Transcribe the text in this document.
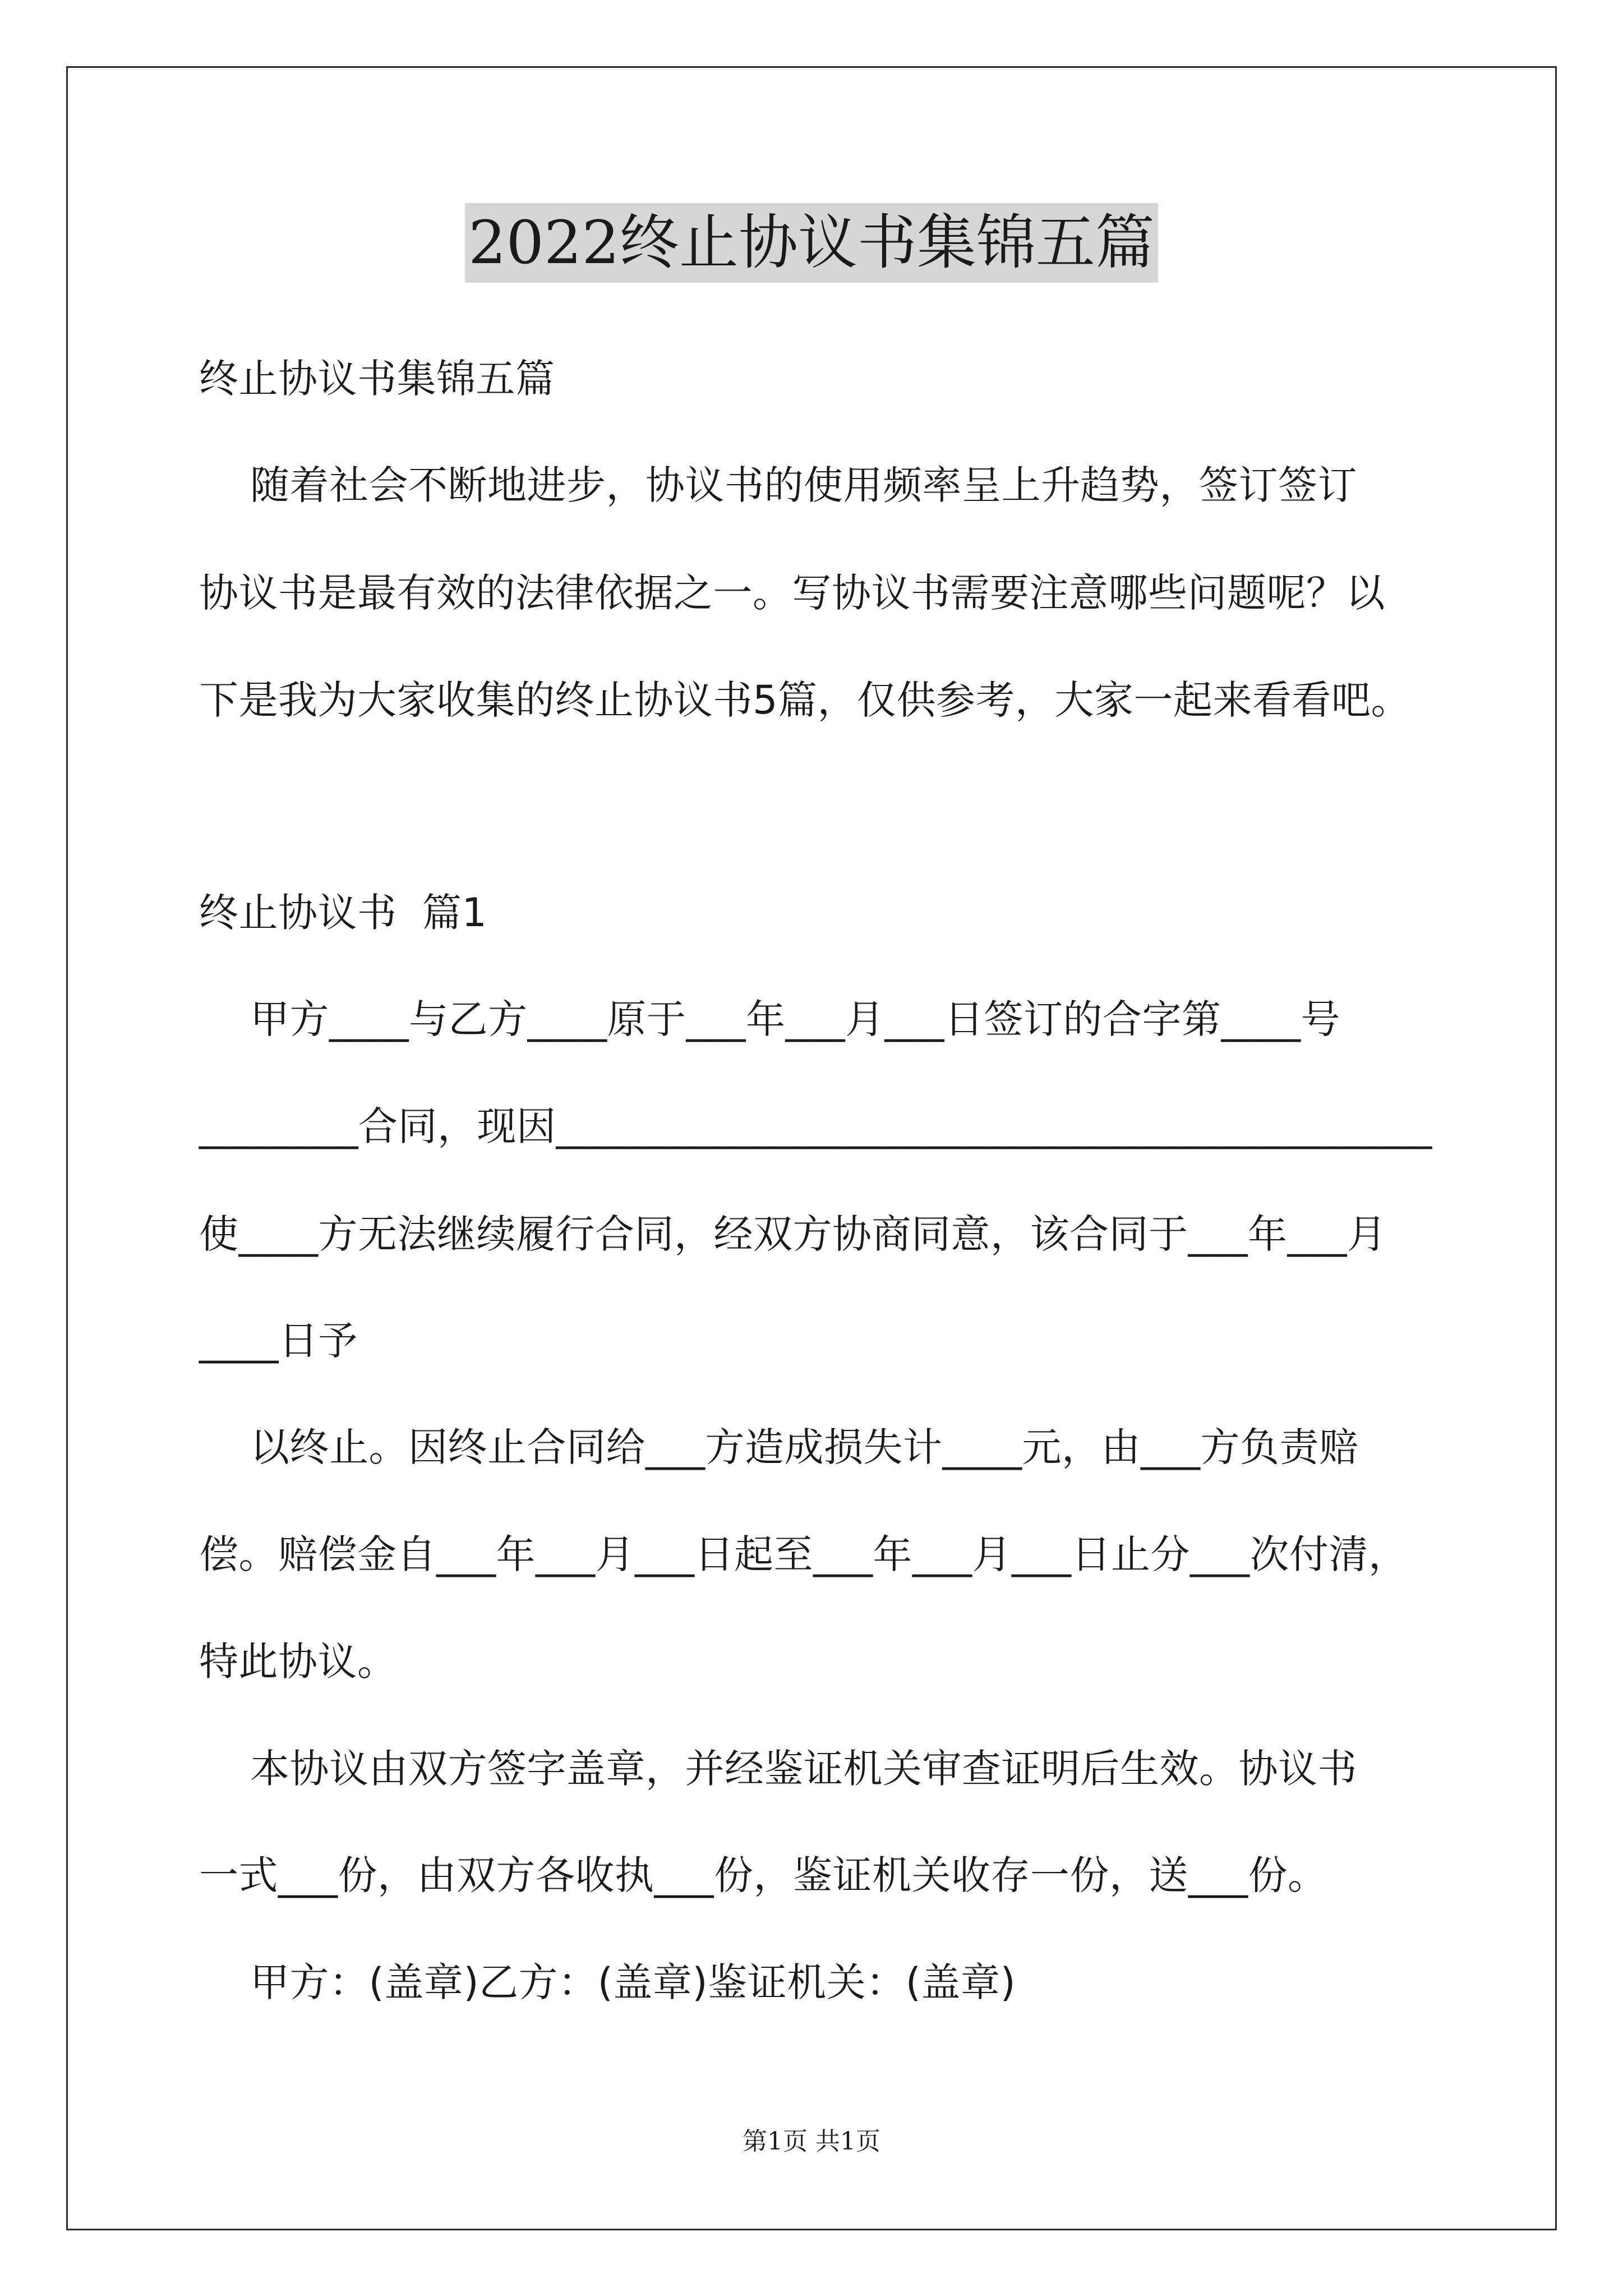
2022终止协议书集锦五篇
终止协议书集锦五篇
随着社会不断地进步，协议书的使用频率呈上升趋势，签订签订
协议书是最有效的法律依据之一。写协议书需要注意哪些问题呢？以
下是我为大家收集的终止协议书5篇，仅供参考，大家一起来看看吧。
终止协议书  篇1
甲方____与乙方____原于___年___月___日签订的合字第____号
________合同，现因____________________________________________
使____方无法继续履行合同，经双方协商同意，该合同于___年___月
____日予
以终止。因终止合同给___方造成损失计____元，由___方负责赔
偿。赔偿金自___年___月___日起至___年___月___日止分___次付清，
特此协议。
本协议由双方签字盖章，并经鉴证机关审查证明后生效。协议书
一式___份，由双方各收执___份，鉴证机关收存一份，送___份。
甲方：(盖章)乙方：(盖章)鉴证机关：(盖章)
第1页 共1页
